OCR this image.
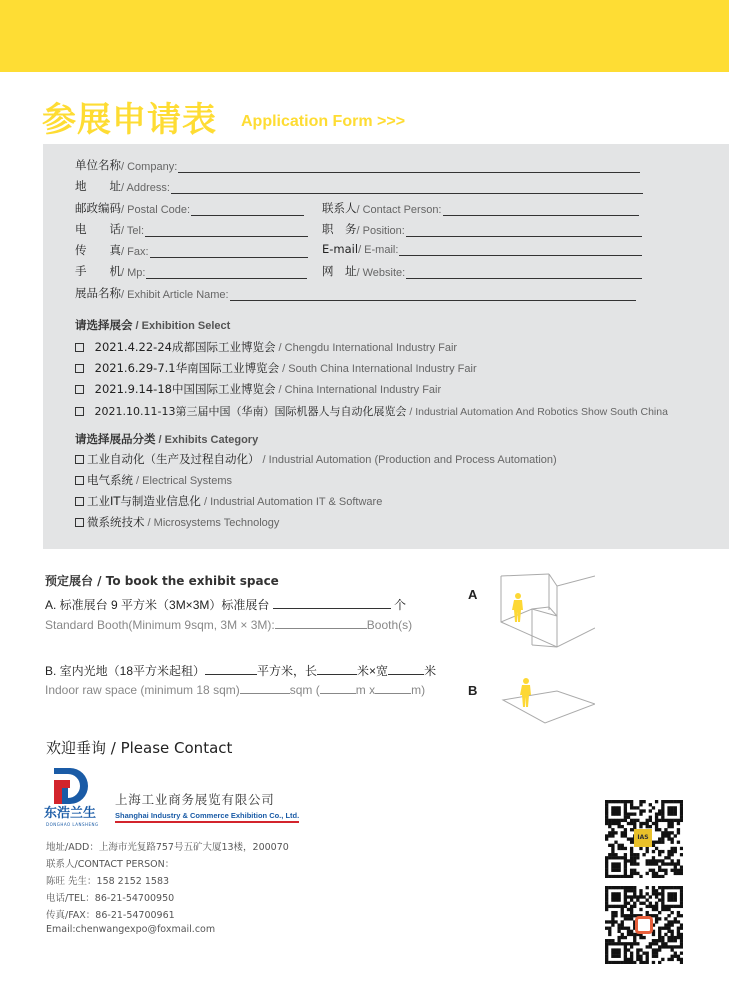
参展申请表 Application Form >>>
单位名称 / Company:
地　　址 / Address:
邮政编码 / Postal Code:	联系人 / Contact Person:
电　　话 / Tel:	职　务 / Position:
传　　真 / Fax:	E-mail / E-mail:
手　　机 / Mp:	网　址 / Website:
展品名称 / Exhibit Article Name:
请选择展会 / Exhibition Select
请选择展品分类 / Exhibits Category
2021.4.22-24成都国际工业博览会 / Chengdu International Industry Fair
2021.6.29-7.1华南国际工业博览会 / South China International Industry Fair
2021.9.14-18中国国际工业博览会 / China International Industry Fair
2021.10.11-13第三届中国（华南）国际机器人与自动化展览会 / Industrial Automation And Robotics Show South China
工业自动化（生产及过程自动化） / Industrial Automation (Production and Process Automation)
电气系统 / Electrical Systems
工业IT与制造业信息化 / Industrial Automation IT & Software
微系统技术 / Microsystems Technology
预定展台 / To book the exhibit space
A. 标准展台 9 平方米（3M×3M）标准展台	个
Standard Booth(Minimum 9sqm, 3M × 3M):	Booth(s)
B. 室内光地（18平方米起租）	平方米，长	米×宽	米
Indoor raw space (minimum 18 sqm)	sqm (	m x	m)
A
B
欢迎垂询 / Please Contact
东浩兰生
DONGHAO LANSHENG
上海工业商务展览有限公司
Shanghai Industry & Commerce Exhibition Co., Ltd.
地址/ADD：上海市光复路757号五矿大厦13楼，200070
联系人/CONTACT PERSON：
陈旺 先生：158 2152 1583
电话/TEL：86-21-54700950
传真/FAX：86-21-54700961
Email:chenwangexpo@foxmail.com
IAS
